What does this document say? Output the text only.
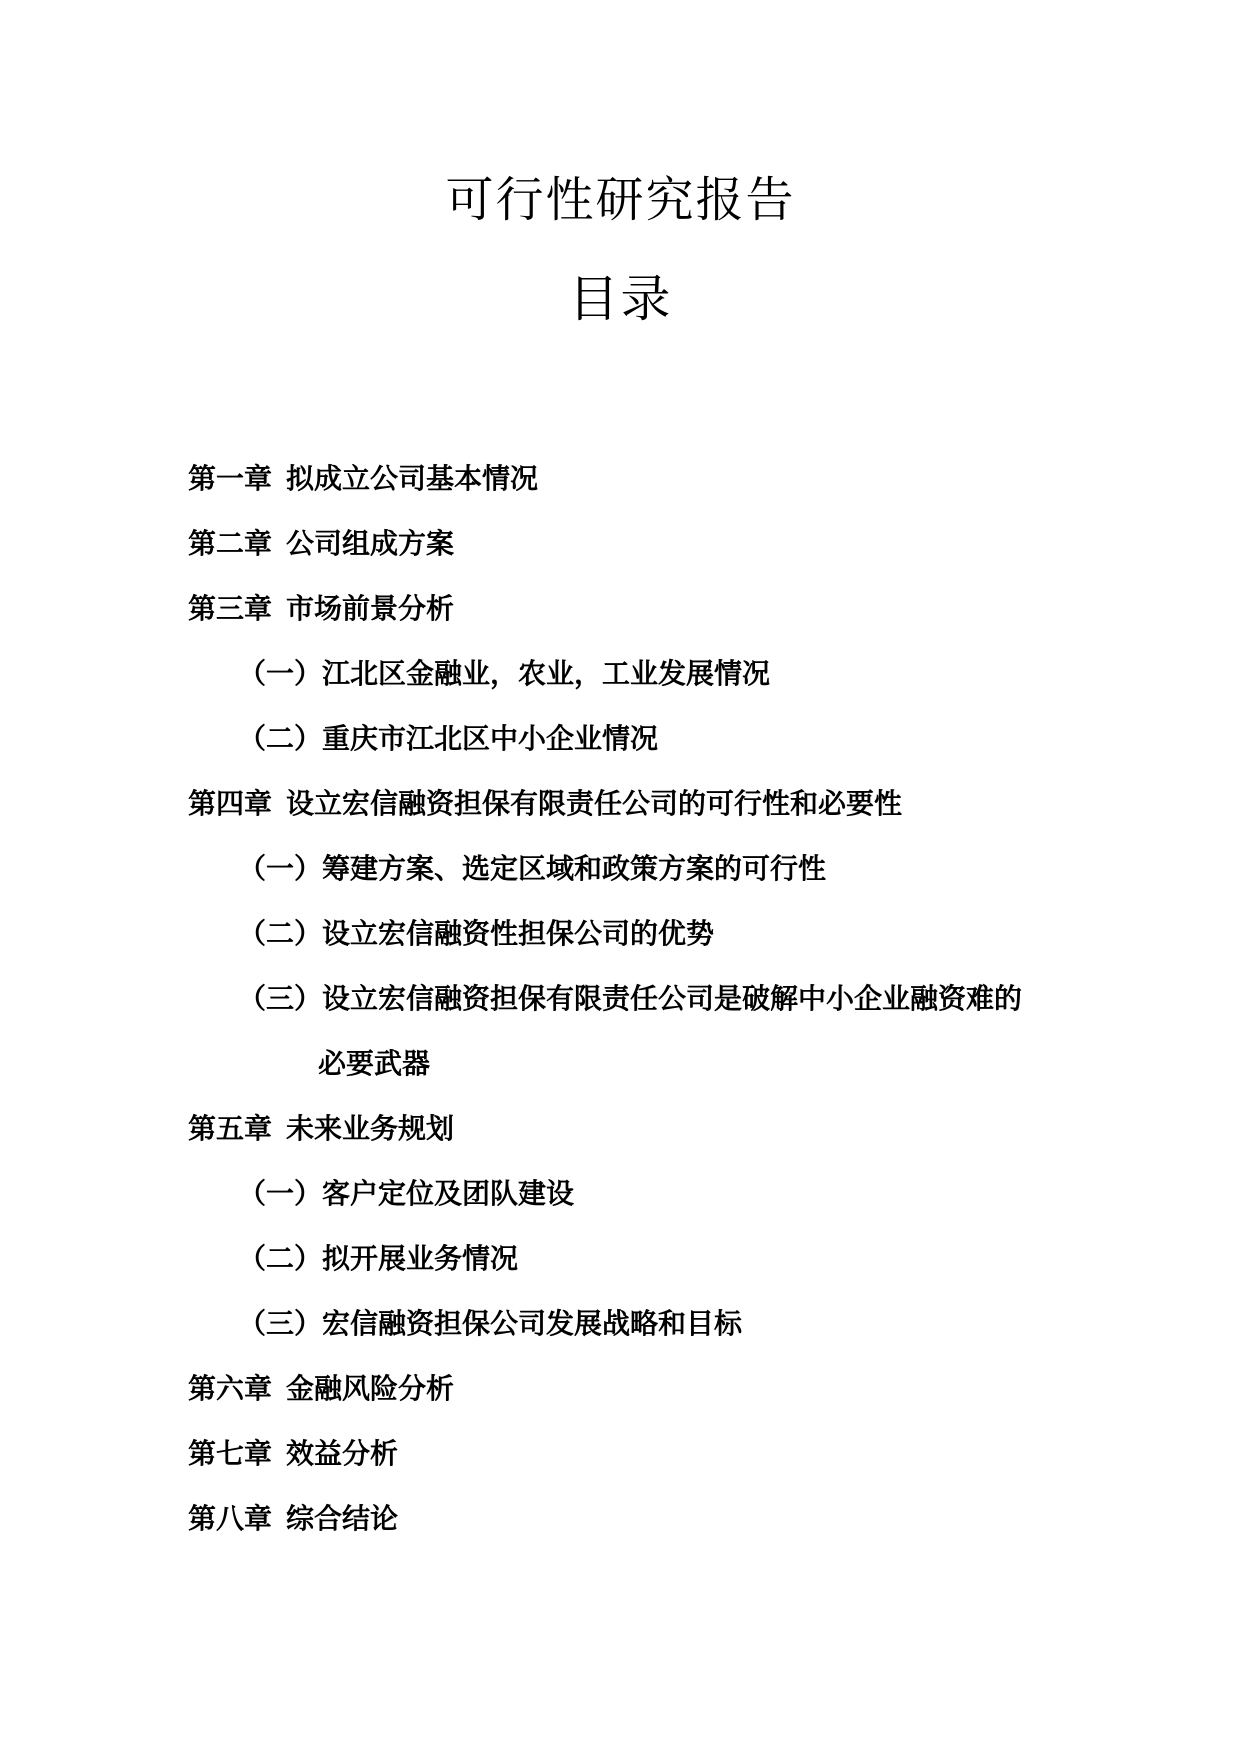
可行性研究报告
目录
第一章 拟成立公司基本情况
第二章 公司组成方案
第三章 市场前景分析
（一）江北区金融业，农业，工业发展情况
（二）重庆市江北区中小企业情况
第四章 设立宏信融资担保有限责任公司的可行性和必要性
（一）筹建方案、选定区域和政策方案的可行性
（二）设立宏信融资性担保公司的优势
（三）设立宏信融资担保有限责任公司是破解中小企业融资难的
必要武器
第五章 未来业务规划
（一）客户定位及团队建设
（二）拟开展业务情况
（三）宏信融资担保公司发展战略和目标
第六章 金融风险分析
第七章 效益分析
第八章 综合结论
